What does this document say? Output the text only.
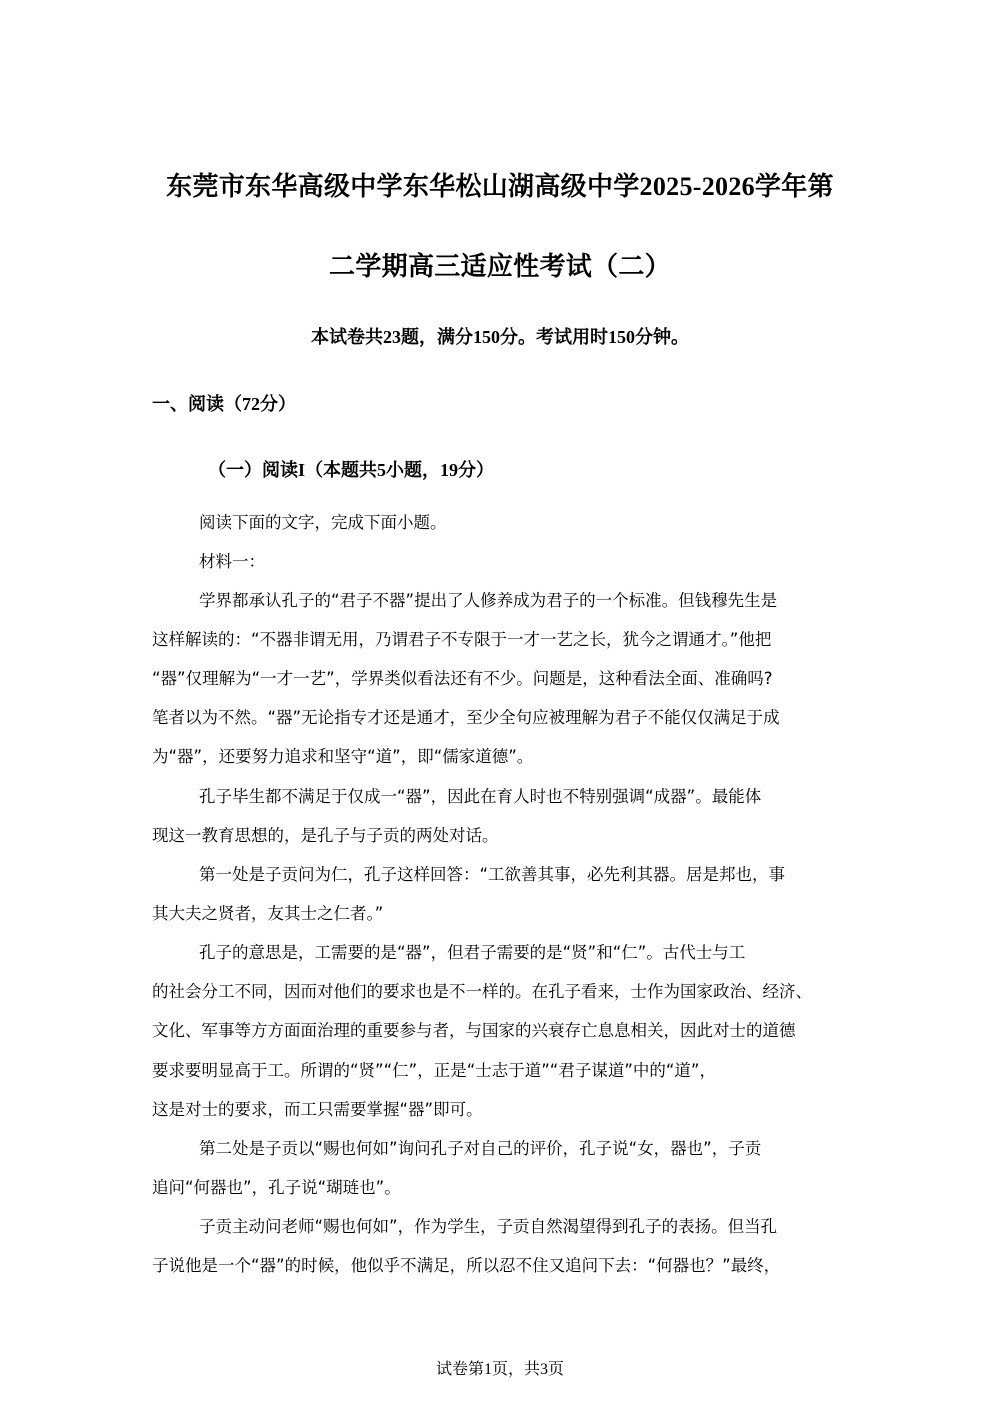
东莞市东华高级中学东华松山湖高级中学2025-2026学年第
二学期高三适应性考试（二）
本试卷共23题，满分150分。考试用时150分钟。
一、阅读（72分）
（一）阅读I（本题共5小题，19分）
阅读下面的文字，完成下面小题。
材料一：
学界都承认孔子的“君子不器”提出了人修养成为君子的一个标准。但钱穆先生是
这样解读的：“不器非谓无用，乃谓君子不专限于一才一艺之长，犹今之谓通才。”他把
“器”仅理解为“一才一艺”，学界类似看法还有不少。问题是，这种看法全面、准确吗?
笔者以为不然。“器”无论指专才还是通才，至少全句应被理解为君子不能仅仅满足于成
为“器”，还要努力追求和坚守“道”，即“儒家道德”。
孔子毕生都不满足于仅成一“器”，因此在育人时也不特别强调“成器”。最能体
现这一教育思想的，是孔子与子贡的两处对话。
第一处是子贡问为仁，孔子这样回答：“工欲善其事，必先利其器。居是邦也，事
其大夫之贤者，友其士之仁者。”
孔子的意思是，工需要的是“器”，但君子需要的是“贤”和“仁”。古代士与工
的社会分工不同，因而对他们的要求也是不一样的。在孔子看来，士作为国家政治、经济、
文化、军事等方方面面治理的重要参与者，与国家的兴衰存亡息息相关，因此对士的道德
要求要明显高于工。所谓的“贤”“仁”，正是“士志于道”“君子谋道”中的“道”，
这是对士的要求，而工只需要掌握“器”即可。
第二处是子贡以“赐也何如”询问孔子对自己的评价，孔子说“女，器也”，子贡
追问“何器也”，孔子说“瑚琏也”。
子贡主动问老师“赐也何如”，作为学生，子贡自然渴望得到孔子的表扬。但当孔
子说他是一个“器”的时候，他似乎不满足，所以忍不住又追问下去：“何器也？”最终，
试卷第1页，共3页
